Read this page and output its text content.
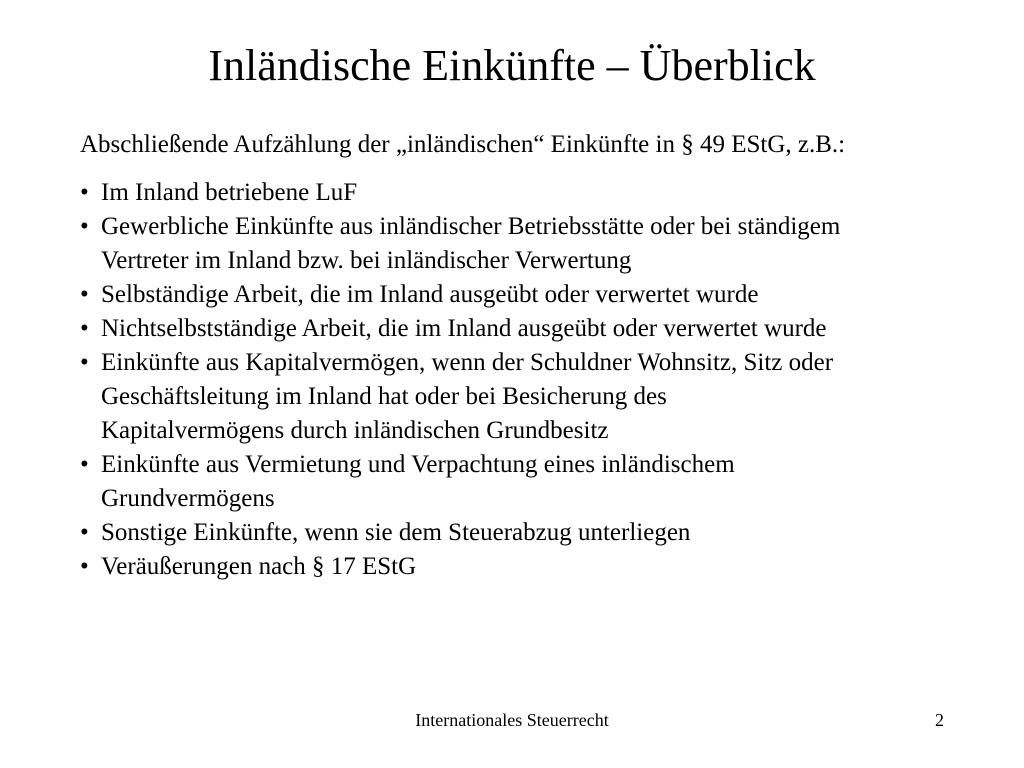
Inländische Einkünfte – Überblick
Abschließende Aufzählung der „inländischen“ Einkünfte in § 49 EStG, z.B.:
• Im Inland betriebene LuF
• Gewerbliche Einkünfte aus inländischer Betriebsstätte oder bei ständigem
Vertreter im Inland bzw. bei inländischer Verwertung
• Selbständige Arbeit, die im Inland ausgeübt oder verwertet wurde
• Nichtselbstständige Arbeit, die im Inland ausgeübt oder verwertet wurde
• Einkünfte aus Kapitalvermögen, wenn der Schuldner Wohnsitz, Sitz oder
Geschäftsleitung im Inland hat oder bei Besicherung des
Kapitalvermögens durch inländischen Grundbesitz
• Einkünfte aus Vermietung und Verpachtung eines inländischem
Grundvermögens
• Sonstige Einkünfte, wenn sie dem Steuerabzug unterliegen
• Veräußerungen nach § 17 EStG
Internationales Steuerrecht	2
